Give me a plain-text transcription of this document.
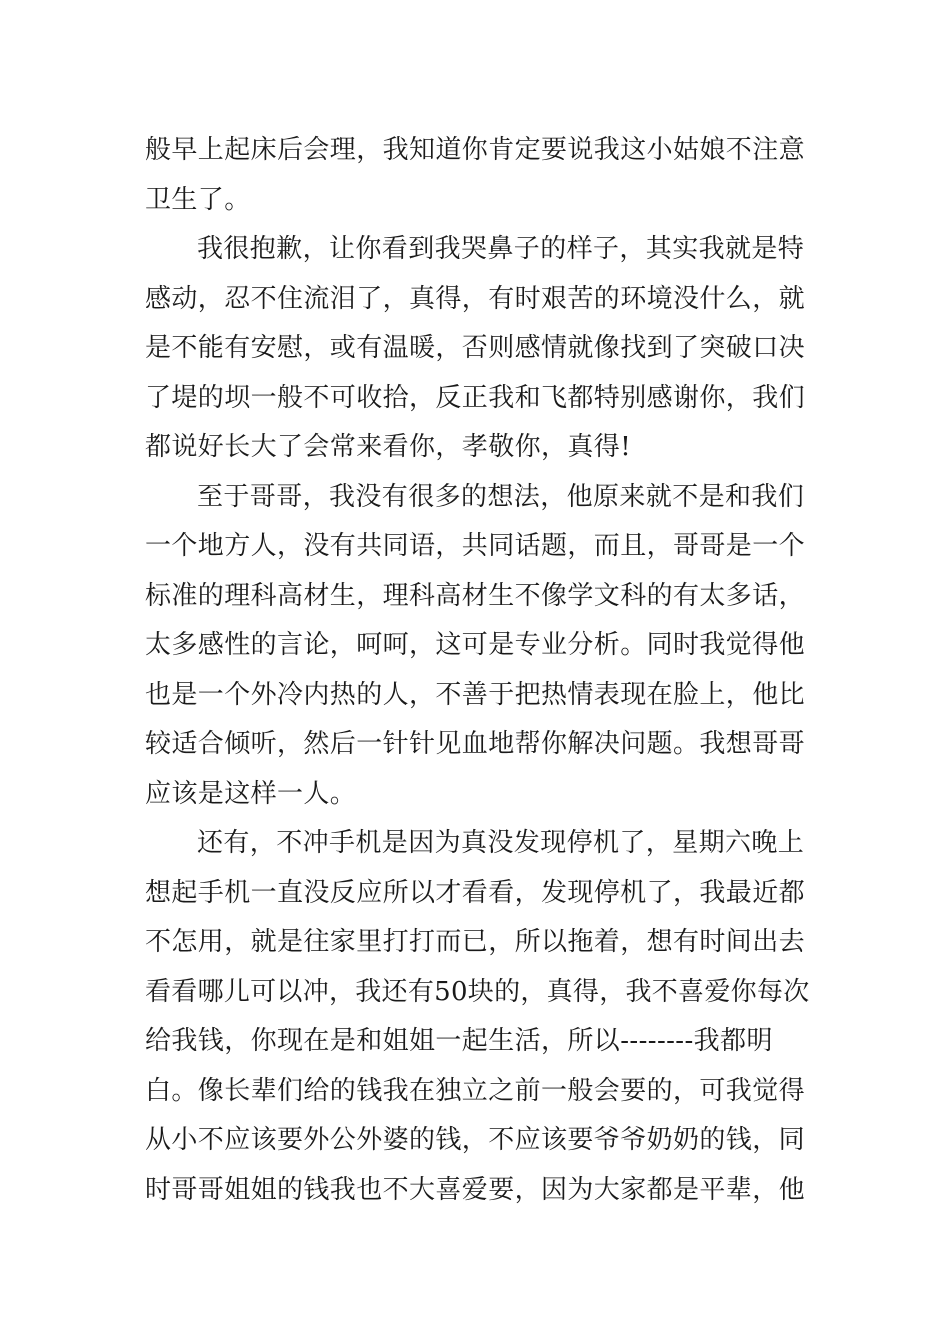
般早上起床后会理，我知道你肯定要说我这小姑娘不注意
卫生了。
我很抱歉，让你看到我哭鼻子的样子，其实我就是特
感动，忍不住流泪了，真得，有时艰苦的环境没什么，就
是不能有安慰，或有温暖，否则感情就像找到了突破口决
了堤的坝一般不可收拾，反正我和飞都特别感谢你，我们
都说好长大了会常来看你，孝敬你，真得!
至于哥哥，我没有很多的想法，他原来就不是和我们
一个地方人，没有共同语，共同话题，而且，哥哥是一个
标准的理科高材生，理科高材生不像学文科的有太多话，
太多感性的言论，呵呵，这可是专业分析。同时我觉得他
也是一个外冷内热的人，不善于把热情表现在脸上，他比
较适合倾听，然后一针针见血地帮你解决问题。我想哥哥
应该是这样一人。
还有，不冲手机是因为真没发现停机了，星期六晚上
想起手机一直没反应所以才看看，发现停机了，我最近都
不怎用，就是往家里打打而已，所以拖着，想有时间出去
看看哪儿可以冲，我还有50块的，真得，我不喜爱你每次
给我钱，你现在是和姐姐一起生活，所以--------我都明
白。像长辈们给的钱我在独立之前一般会要的，可我觉得
从小不应该要外公外婆的钱，不应该要爷爷奶奶的钱，同
时哥哥姐姐的钱我也不大喜爱要，因为大家都是平辈，他
